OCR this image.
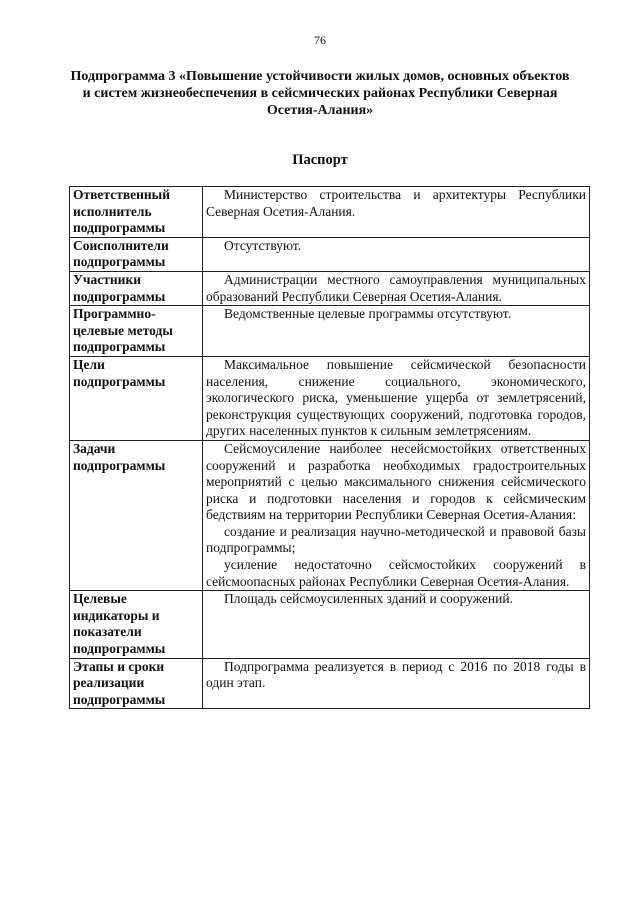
76
Подпрограмма 3 «Повышение устойчивости жилых домов, основных объектов и систем жизнеобеспечения в сейсмических районах Республики Северная Осетия-Алания»
Паспорт
Ответственный исполнитель подпрограммы	Министерство строительства и архитектуры Республики Северная Осетия-Алания.

Соисполнители подпрограммы	Отсутствуют.

Участники подпрограммы	Администрации местного самоуправления муниципальных образований Республики Северная Осетия-Алания.

Программно-целевые методы подпрограммы	Ведомственные целевые программы отсутствуют.

Цели подпрограммы	Максимальное повышение сейсмической безопасности населения, снижение социального, экономического, экологического риска, уменьшение ущерба от землетрясений, реконструкция существующих сооружений, подготовка городов, других населенных пунктов к сильным землетрясениям.

Задачи подпрограммы	Сейсмоусиление наиболее несейсмостойких ответственных сооружений и разработка необходимых градостроительных мероприятий с целью максимального снижения сейсмического риска и подготовки населения и городов к сейсмическим бедствиям на территории Республики Северная Осетия-Алания:

создание и реализация научно-методической и правовой базы подпрограммы;

усиление недостаточно сейсмостойких сооружений в сейсмоопасных районах Республики Северная Осетия-Алания.

Целевые индикаторы и показатели подпрограммы	Площадь сейсмоусиленных зданий и сооружений.

Этапы и сроки реализации подпрограммы	Подпрограмма реализуется в период с 2016 по 2018 годы в один этап.
